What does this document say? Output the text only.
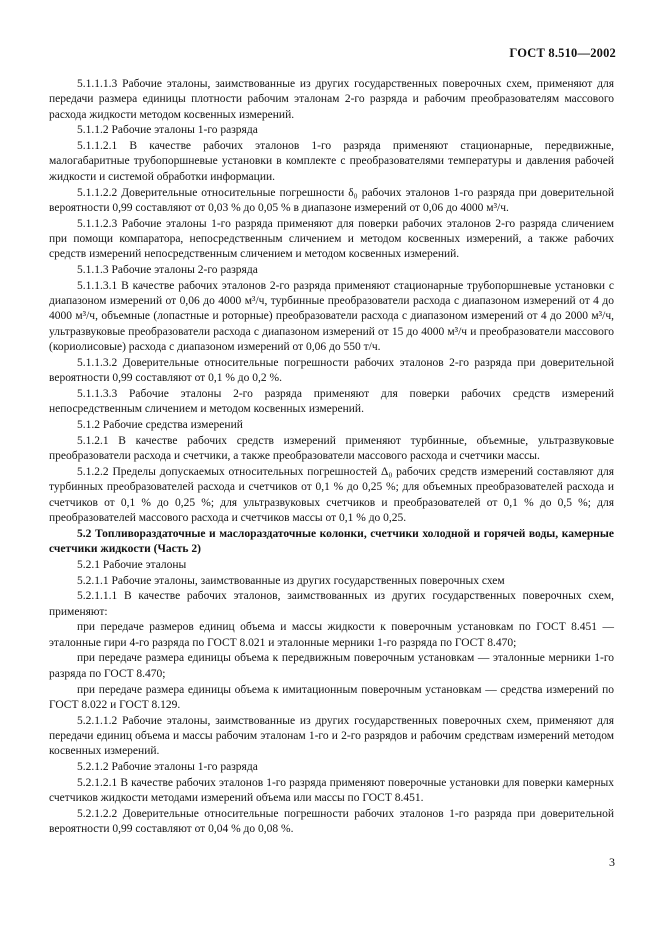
ГОСТ 8.510—2002

5.1.1.1.3 Рабочие эталоны, заимствованные из других государственных поверочных схем, применяют для передачи размера единицы плотности рабочим эталонам 2-го разряда и рабочим преобразователям массового расхода жидкости методом косвенных измерений.

5.1.1.2 Рабочие эталоны 1-го разряда

5.1.1.2.1 В качестве рабочих эталонов 1-го разряда применяют стационарные, передвижные, малогабаритные трубопоршневые установки в комплекте с преобразователями температуры и давления рабочей жидкости и системой обработки информации.

5.1.1.2.2 Доверительные относительные погрешности δ₀ рабочих эталонов 1-го разряда при доверительной вероятности 0,99 составляют от 0,03 % до 0,05 % в диапазоне измерений от 0,06 до 4000 м³/ч.

5.1.1.2.3 Рабочие эталоны 1-го разряда применяют для поверки рабочих эталонов 2-го разряда сличением при помощи компаратора, непосредственным сличением и методом косвенных измерений, а также рабочих средств измерений непосредственным сличением и методом косвенных измерений.

5.1.1.3 Рабочие эталоны 2-го разряда

5.1.1.3.1 В качестве рабочих эталонов 2-го разряда применяют стационарные трубопоршневые установки с диапазоном измерений от 0,06 до 4000 м³/ч, турбинные преобразователи расхода с диапазоном измерений от 4 до 4000 м³/ч, объемные (лопастные и роторные) преобразователи расхода с диапазоном измерений от 4 до 2000 м³/ч, ультразвуковые преобразователи расхода с диапазоном измерений от 15 до 4000 м³/ч и преобразователи массового (кориолисовые) расхода с диапазоном измерений от 0,06 до 550 т/ч.

5.1.1.3.2 Доверительные относительные погрешности рабочих эталонов 2-го разряда при доверительной вероятности 0,99 составляют от 0,1 % до 0,2 %.

5.1.1.3.3 Рабочие эталоны 2-го разряда применяют для поверки рабочих средств измерений непосредственным сличением и методом косвенных измерений.

5.1.2 Рабочие средства измерений

5.1.2.1 В качестве рабочих средств измерений применяют турбинные, объемные, ультразвуковые преобразователи расхода и счетчики, а также преобразователи массового расхода и счетчики массы.

5.1.2.2 Пределы допускаемых относительных погрешностей Δ₀ рабочих средств измерений составляют для турбинных преобразователей расхода и счетчиков от 0,1 % до 0,25 %; для объемных преобразователей расхода и счетчиков от 0,1 % до 0,25 %; для ультразвуковых счетчиков и преобразователей от 0,1 % до 0,5 %; для преобразователей массового расхода и счетчиков массы от 0,1 % до 0,25.

5.2 Топливораздаточные и маслораздаточные колонки, счетчики холодной и горячей воды, камерные счетчики жидкости (Часть 2)

5.2.1 Рабочие эталоны

5.2.1.1 Рабочие эталоны, заимствованные из других государственных поверочных схем

5.2.1.1.1 В качестве рабочих эталонов, заимствованных из других государственных поверочных схем, применяют:

при передаче размеров единиц объема и массы жидкости к поверочным установкам по ГОСТ 8.451 — эталонные гири 4-го разряда по ГОСТ 8.021 и эталонные мерники 1-го разряда по ГОСТ 8.470;

при передаче размера единицы объема к передвижным поверочным установкам — эталонные мерники 1-го разряда по ГОСТ 8.470;

при передаче размера единицы объема к имитационным поверочным установкам — средства измерений по ГОСТ 8.022 и ГОСТ 8.129.

5.2.1.1.2 Рабочие эталоны, заимствованные из других государственных поверочных схем, применяют для передачи единиц объема и массы рабочим эталонам 1-го и 2-го разрядов и рабочим средствам измерений методом косвенных измерений.

5.2.1.2 Рабочие эталоны 1-го разряда

5.2.1.2.1 В качестве рабочих эталонов 1-го разряда применяют поверочные установки для поверки камерных счетчиков жидкости методами измерений объема или массы по ГОСТ 8.451.

5.2.1.2.2 Доверительные относительные погрешности рабочих эталонов 1-го разряда при доверительной вероятности 0,99 составляют от 0,04 % до 0,08 %.

3
